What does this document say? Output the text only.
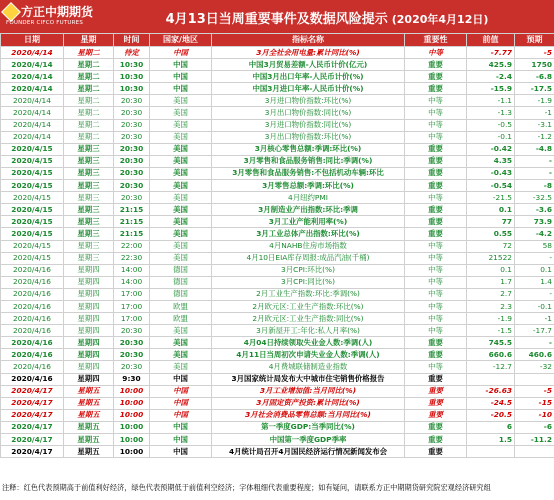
方正中期期货
FOUNDER CIFCO FUTURES	4月13日当周重要事件及数据风险提示 (2020年4月12日)
日期	星期	时间	国家/地区	指标名称	重要性	前值	预期
2020/4/14	星期二	待定	中国	3月全社会用电量:累计同比(%)	中等	-7.77	-5
2020/4/14	星期二	10:30	中国	中国3月贸易差额-人民币计价(亿元)	重要	425.9	1750
2020/4/14	星期二	10:30	中国	中国3月出口年率-人民币计价(%)	重要	-2.4	-6.8
2020/4/14	星期二	10:30	中国	中国3月进口年率-人民币计价(%)	重要	-15.9	-17.5
2020/4/14	星期二	20:30	美国	3月进口物价指数:环比(%)	中等	-1.1	-1.9
2020/4/14	星期二	20:30	美国	3月出口物价指数:同比(%)	中等	-1.3	-1
2020/4/14	星期二	20:30	美国	3月进口物价指数:同比(%)	中等	-0.5	-3.1
2020/4/14	星期二	20:30	美国	3月出口物价指数:环比(%)	中等	-0.1	-1.2
2020/4/15	星期三	20:30	美国	3月核心零售总额:季调:环比(%)	重要	-0.42	-4.8
2020/4/15	星期三	20:30	美国	3月零售和食品服务销售:同比:季调(%)	重要	4.35	-
2020/4/15	星期三	20:30	美国	3月零售和食品服务销售:不包括机动车辆:环比	重要	-0.43	-
2020/4/15	星期三	20:30	美国	3月零售总额:季调:环比(%)	重要	-0.54	-8
2020/4/15	星期三	20:30	美国	4月纽约PMI	中等	-21.5	-32.5
2020/4/15	星期三	21:15	美国	3月制造业产出指数:环比:季调	重要	0.1	-3.6
2020/4/15	星期三	21:15	美国	3月工业产能利用率(%)	重要	77	73.9
2020/4/15	星期三	21:15	美国	3月工业总体产出指数:环比(%)	重要	0.55	-4.2
2020/4/15	星期三	22:00	美国	4月NAHB住房市场指数	中等	72	58
2020/4/15	星期三	22:30	美国	4月10日EIA库存周报:成品汽油(千桶)	中等	21522	-
2020/4/16	星期四	14:00	德国	3月CPI:环比(%)	中等	0.1	0.1
2020/4/16	星期四	14:00	德国	3月CPI:同比(%)	中等	1.7	1.4
2020/4/16	星期四	17:00	德国	2月工业生产指数:环比:季调(%)	中等	2.7	-
2020/4/16	星期四	17:00	欧盟	2月欧元区:工业生产指数:环比(%)	中等	2.3	-0.1
2020/4/16	星期四	17:00	欧盟	2月欧元区:工业生产指数:同比(%)	中等	-1.9	-1
2020/4/16	星期四	20:30	美国	3月新屋开工:年化:私人月率(%)	中等	-1.5	-17.7
2020/4/16	星期四	20:30	美国	4月04日持续领取失业金人数:季调(人)	重要	745.5	-
2020/4/16	星期四	20:30	美国	4月11日当周初次申请失业金人数:季调(人)	重要	660.6	460.6
2020/4/16	星期四	20:30	美国	4月费城联储制造业指数	中等	-12.7	-32
2020/4/16	星期四	9:30	中国	3月国家统计局发布大中城市住宅销售价格报告	重要		
2020/4/17	星期五	10:00	中国	3月工业增加值:当月同比(%)	重要	-26.63	-5
2020/4/17	星期五	10:00	中国	3月固定资产投资:累计同比(%)	重要	-24.5	-15
2020/4/17	星期五	10:00	中国	3月社会消费品零售总额:当月同比(%)	重要	-20.5	-10
2020/4/17	星期五	10:00	中国	第一季度GDP:当季同比(%)	重要	6	-6
2020/4/17	星期五	10:00	中国	中国第一季度GDP季率	重要	1.5	-11.2
2020/4/17	星期五	10:00	中国	4月统计局召开4月国民经济运行情况新闻发布会	重要		
注释：红色代表预期高于前值利好经济，绿色代表预期低于前值利空经济；字体粗细代表重要程度；如有疑问，请联系方正中期期货研究院宏观经济研究组
